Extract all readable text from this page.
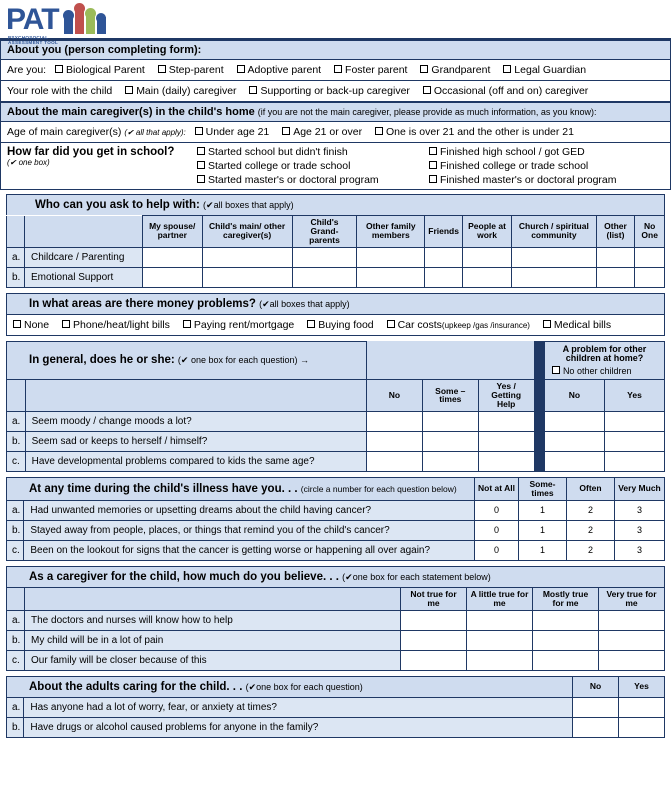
PAT
PSYCHOSOCIAL ASSESSMENT TOOL
About you (person completing form):
Are you: Biological Parent Step-parent Adoptive parent Foster parent Grandparent Legal Guardian
Your role with the child Main (daily) caregiver Supporting or back-up caregiver Occasional (off and on) caregiver
About the main caregiver(s) in the child's home (if you are not the main caregiver, please provide as much information, as you know):
Age of main caregiver(s) (✔ all that apply): Under age 21 Age 21 or over One is over 21 and the other is under 21
How far did you get in school?
(✔ one box)
Started school but didn't finish	Finished high school / got GED
Started college or trade school	Finished college or trade school
Started master's or doctoral program	Finished master's or doctoral program
Who can you ask to help with: (✔all boxes that apply)
		My spouse/ partner	Child's main/ other caregiver(s)	Child's Grand- parents	Other family members	Friends	People at work	Church / spiritual community	Other (list)	No One
a.	Childcare / Parenting									
b.	Emotional Support									
In what areas are there money problems? (✔all boxes that apply)
None Phone/heat/light bills Paying rent/mortgage Buying food Car costs(upkeep /gas /insurance) Medical bills
In general, does he or she: (✔ one box for each question) →						A problem for other children at home?
No other children	

		No	Some – times	Yes / Getting Help		No	Yes
a.	Seem moody / change moods a lot?						
b.	Seem sad or keeps to herself / himself?						
c.	Have developmental problems compared to kids the same age?						
At any time during the child's illness have you. . . (circle a number for each question below)		Not at All	Some- times	Often	Very Much
a.	Had unwanted memories or upsetting dreams about the child having cancer?	0	1	2	3
b.	Stayed away from people, places, or things that remind you of the child's cancer?	0	1	2	3
c.	Been on the lookout for signs that the cancer is getting worse or happening all over again?	0	1	2	3
As a caregiver for the child, how much do you believe. . . (✔one box for each statement below)					
		Not true for me	A little true for me	Mostly true for me	Very true for me
a.	The doctors and nurses will know how to help				
b.	My child will be in a lot of pain				
c.	Our family will be closer because of this				
About the adults caring for the child. . . (✔one box for each question)		No	Yes
a.	Has anyone had a lot of worry, fear, or anxiety at times?		
b.	Have drugs or alcohol caused problems for anyone in the family?		
